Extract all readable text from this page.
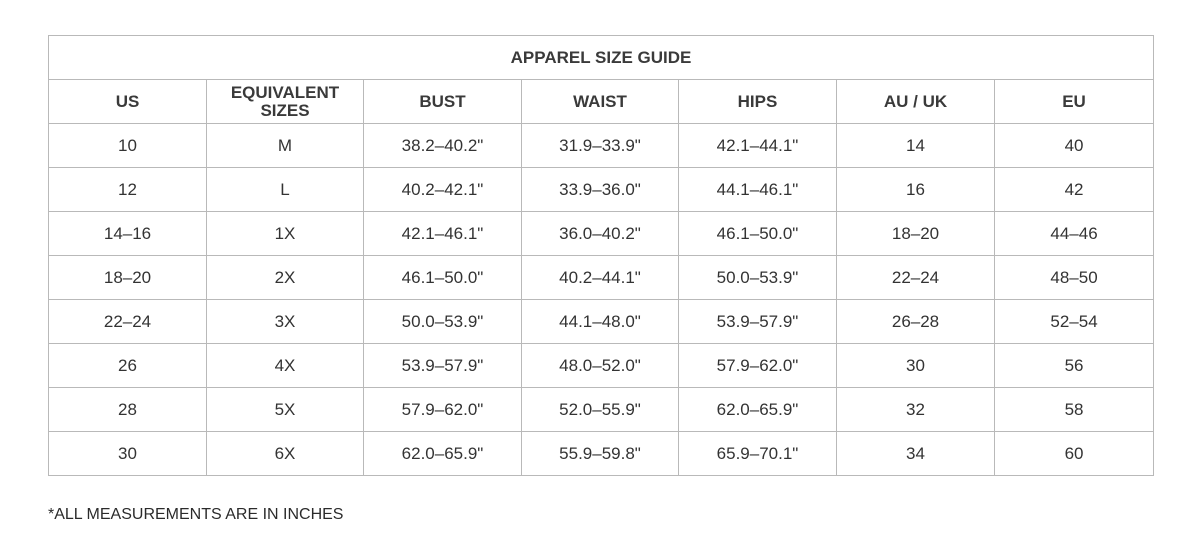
APPAREL SIZE GUIDE						
US	EQUIVALENT SIZES	BUST	WAIST	HIPS	AU / UK	EU
10	M	38.2–40.2"	31.9–33.9"	42.1–44.1"	14	40
12	L	40.2–42.1"	33.9–36.0"	44.1–46.1"	16	42
14–16	1X	42.1–46.1"	36.0–40.2"	46.1–50.0"	18–20	44–46
18–20	2X	46.1–50.0"	40.2–44.1"	50.0–53.9"	22–24	48–50
22–24	3X	50.0–53.9"	44.1–48.0"	53.9–57.9"	26–28	52–54
26	4X	53.9–57.9"	48.0–52.0"	57.9–62.0"	30	56
28	5X	57.9–62.0"	52.0–55.9"	62.0–65.9"	32	58
30	6X	62.0–65.9"	55.9–59.8"	65.9–70.1"	34	60

*ALL MEASUREMENTS ARE IN INCHES
